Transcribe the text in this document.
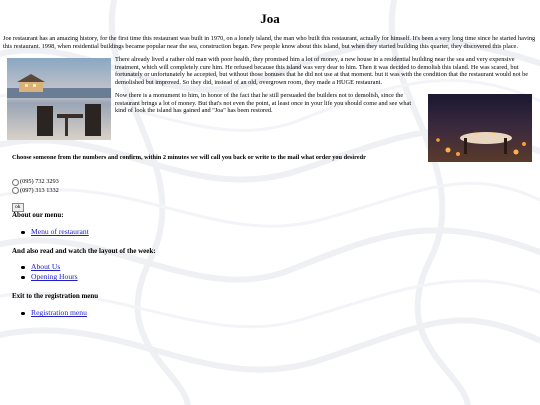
Joa

Joe restaurant has an amazing history, for the first time this restaurant was built in 1970, on a lonely island, the man who built this restaurant, actually for himself. It's been a very long time since he started having this restaurant. 1998, when residential buildings became popular near the sea, construction began. Few people know about this island, but when they started building this quarter, they discovered this place.

There already lived a rather old man with poor health, they promised him a lot of money, a new house in a residential building near the sea and very expensive treatment, which will completely cure him. He refused because this island was very dear to him. Then it was decided to demolish this island. He was scared, but fortunately or unfortunately he accepted, but without those bonuses that he did not use at that moment. but it was with the condition that the restaurant would not be demolished but improved. So they did, instead of an old, overgrown room, they made a HUGE restaurant.
Now there is a monument to him, in honor of the fact that he still persuaded the builders not to demolish, since the restaurant brings a lot of money. But that's not even the point, at least once in your life you should come and see what kind of look the island has gained and "Joa" has been restored.
Choose someone from the numbers and confirm, within 2 minutes we will call you back or write to the mail what order you desiredr
(095) 732 3293
(097) 313 1332
ok
About our menu:
Menu of restaurant
And also read and watch the layout of the week:
About Us
Opening Hours
Exit to the registration menu
Registration menu
